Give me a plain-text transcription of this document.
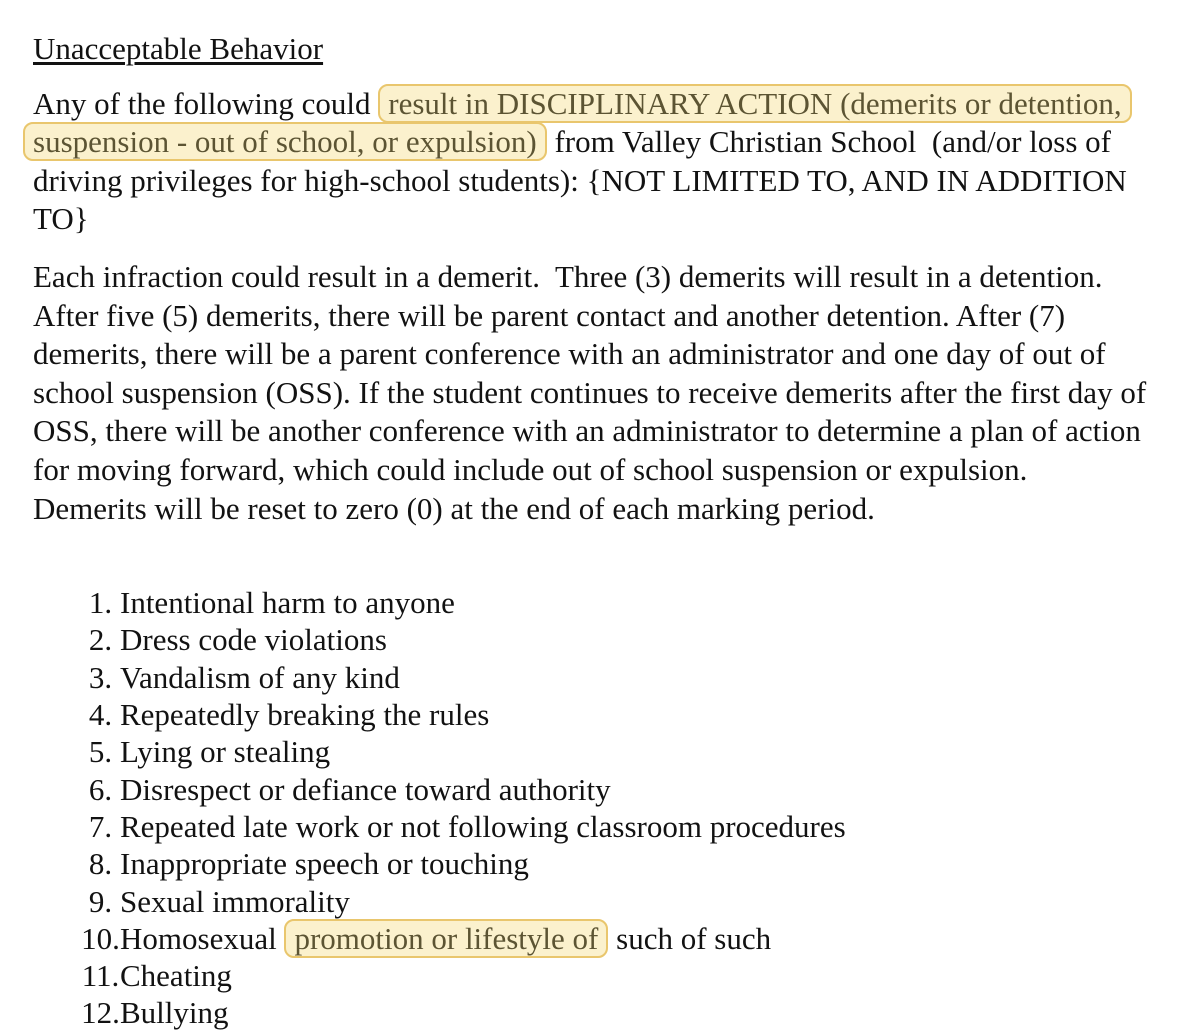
Unacceptable Behavior
Any of the following could result in DISCIPLINARY ACTION (demerits or detention,
suspension - out of school, or expulsion) from Valley Christian School  (and/or loss of
driving privileges for high-school students): {NOT LIMITED TO, AND IN ADDITION
TO}
Each infraction could result in a demerit.  Three (3) demerits will result in a detention.
After five (5) demerits, there will be parent contact and another detention. After (7)
demerits, there will be a parent conference with an administrator and one day of out of
school suspension (OSS). If the student continues to receive demerits after the first day of
OSS, there will be another conference with an administrator to determine a plan of action
for moving forward, which could include out of school suspension or expulsion.
Demerits will be reset to zero (0) at the end of each marking period.
1. Intentional harm to anyone
2. Dress code violations
3. Vandalism of any kind
4. Repeatedly breaking the rules
5. Lying or stealing
6. Disrespect or defiance toward authority
7. Repeated late work or not following classroom procedures
8. Inappropriate speech or touching
9. Sexual immorality
10. Homosexual promotion or lifestyle of such of such
11. Cheating
12. Bullying
